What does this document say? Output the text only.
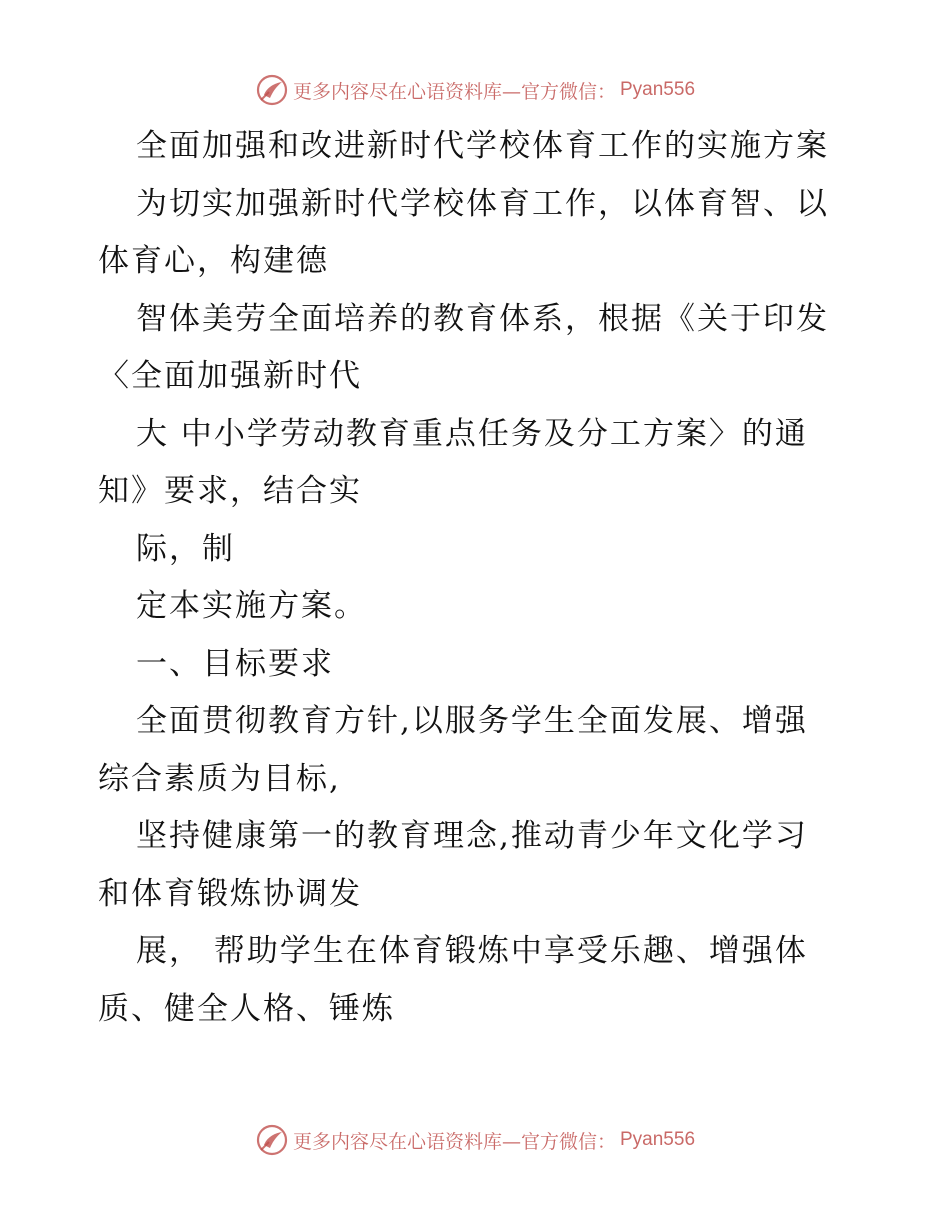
更多内容尽在心语资料库—官方微信： Pyan556
全面加强和改进新时代学校体育工作的实施方案
为切实加强新时代学校体育工作，以体育智、以
体育心，构建德
智体美劳全面培养的教育体系，根据《关于印发
〈全面加强新时代
大 中小学劳动教育重点任务及分工方案〉的通
知》要求，结合实
际，制
定本实施方案。
一、目标要求
全面贯彻教育方针,以服务学生全面发展、增强
综合素质为目标,
坚持健康第一的教育理念,推动青少年文化学习
和体育锻炼协调发
展， 帮助学生在体育锻炼中享受乐趣、增强体
质、健全人格、锤炼
更多内容尽在心语资料库—官方微信： Pyan556
